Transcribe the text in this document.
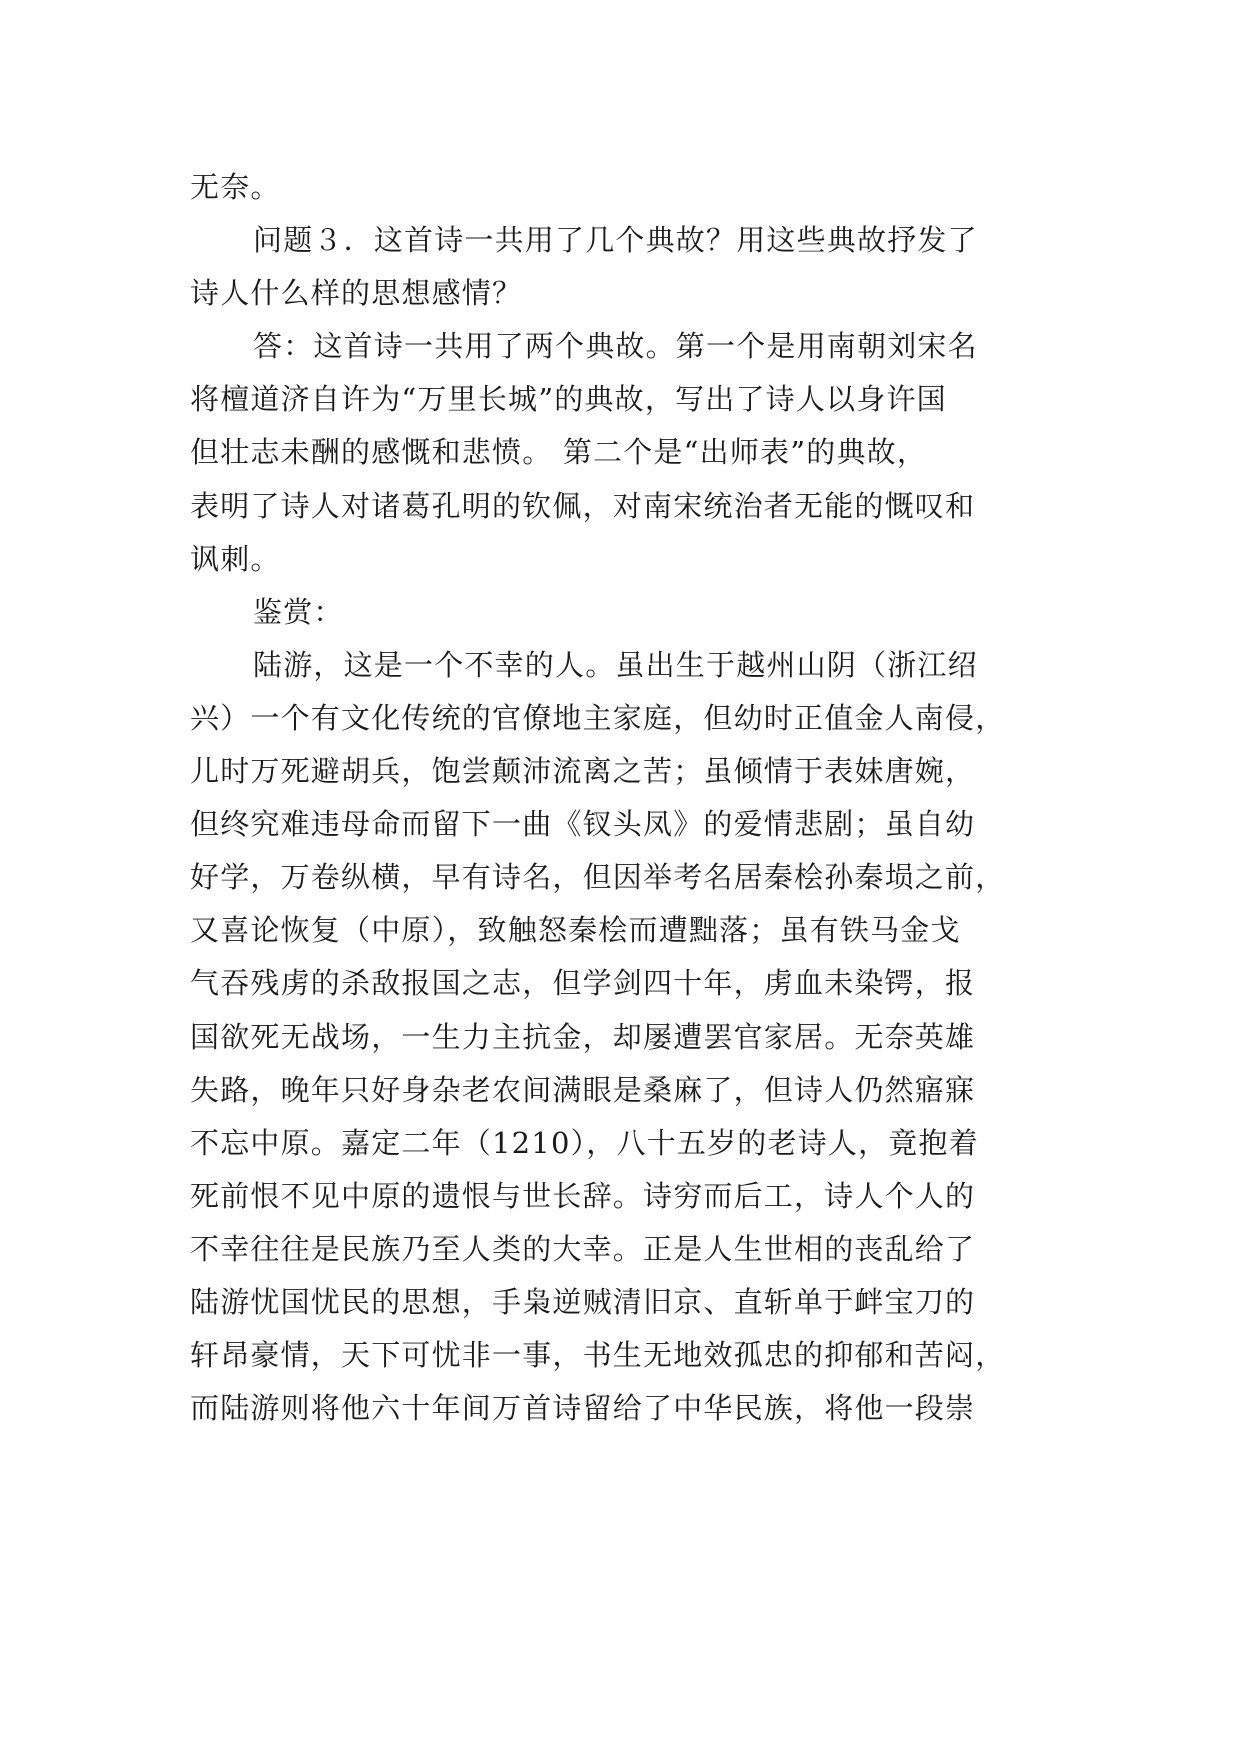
无奈。
问题３．这首诗一共用了几个典故？用这些典故抒发了
诗人什么样的思想感情？
答：这首诗一共用了两个典故。第一个是用南朝刘宋名
将檀道济自许为“万里长城”的典故，写出了诗人以身许国
但壮志未酬的感慨和悲愤。 第二个是“出师表”的典故，
表明了诗人对诸葛孔明的钦佩，对南宋统治者无能的慨叹和
讽刺。
鉴赏：
陆游，这是一个不幸的人。虽出生于越州山阴（浙江绍
兴）一个有文化传统的官僚地主家庭，但幼时正值金人南侵，
儿时万死避胡兵，饱尝颠沛流离之苦；虽倾情于表妹唐婉，
但终究难违母命而留下一曲《钗头凤》的爱情悲剧；虽自幼
好学，万卷纵横，早有诗名，但因举考名居秦桧孙秦埙之前，
又喜论恢复（中原），致触怒秦桧而遭黜落；虽有铁马金戈
气吞残虏的杀敌报国之志，但学剑四十年，虏血未染锷，报
国欲死无战场，一生力主抗金，却屡遭罢官家居。无奈英雄
失路，晚年只好身杂老农间满眼是桑麻了，但诗人仍然寤寐
不忘中原。嘉定二年（1210），八十五岁的老诗人，竟抱着
死前恨不见中原的遗恨与世长辞。诗穷而后工，诗人个人的
不幸往往是民族乃至人类的大幸。正是人生世相的丧乱给了
陆游忧国忧民的思想，手枭逆贼清旧京、直斩单于衅宝刀的
轩昂豪情，天下可忧非一事，书生无地效孤忠的抑郁和苦闷，
而陆游则将他六十年间万首诗留给了中华民族，将他一段崇
